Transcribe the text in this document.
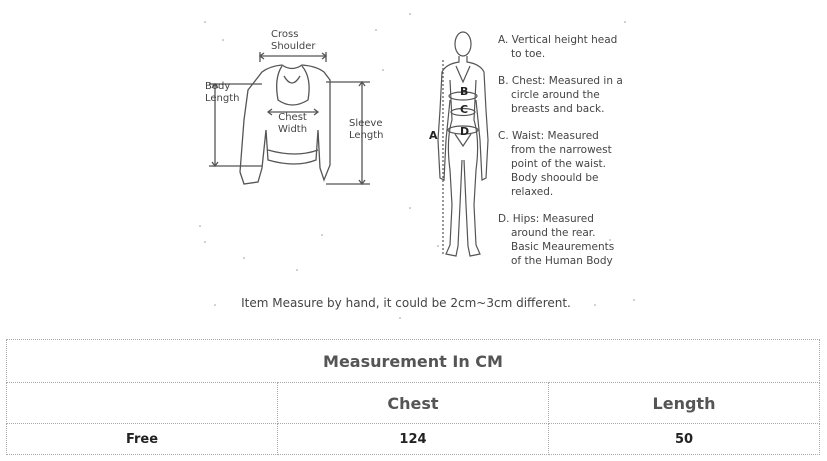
Cross
Shoulder
Body
Length
Chest
Width
Sleeve
Length	A
B
C
D
A. Vertical height head
to toe.
B. Chest: Measured in a
circle around the
breasts and back.
C. Waist: Measured
from the narrowest
point of the waist.
Body shoould be
relaxed.
D. Hips: Measured
around the rear.
Basic Meaurements
of the Human Body
Item Measure by hand, it could be 2cm~3cm different.
Measurement In CM		
	Chest	Length
Free	124	50
